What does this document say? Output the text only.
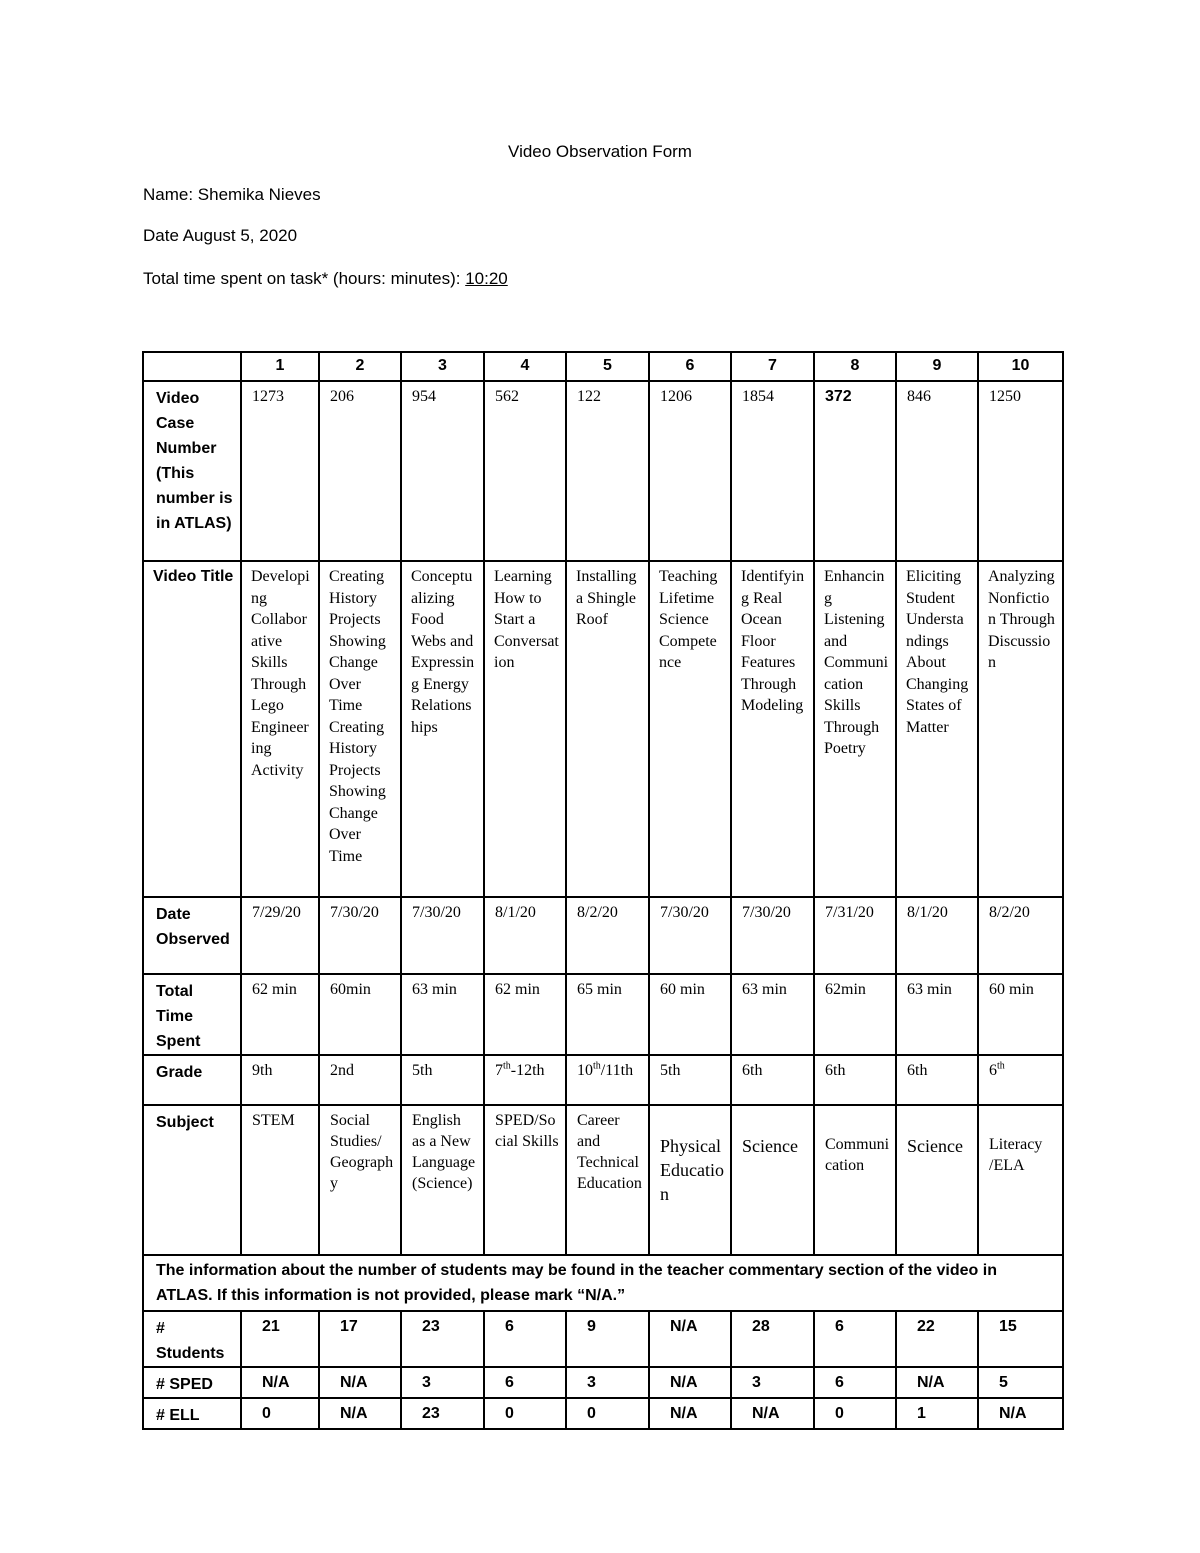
Video Observation Form
Name: Shemika Nieves
Date August 5, 2020
Total time spent on task* (hours: minutes): 10:20
	1	2	3	4	5	6	7	8	9	10
Video Case Number (This number is in ATLAS)	1273	206	954	562	122	1206	1854	372	846	1250
Video Title	Developing Collaborative Skills Through Lego Engineering Activity	Creating History Projects Showing Change Over Time Creating History Projects Showing Change Over Time	Conceptualizing Food Webs and Expressing Energy Relationships	Learning How to Start a Conversation	Installing a Shingle Roof	Teaching Lifetime Science Competence	Identifying Real Ocean Floor Features Through Modeling	Enhancing Listening and Communication Skills Through Poetry	Eliciting Student Understandings About Changing States of Matter	Analyzing Nonfiction Through Discussion
Date Observed	7/29/20	7/30/20	7/30/20	8/1/20	8/2/20	7/30/20	7/30/20	7/31/20	8/1/20	8/2/20
Total Time Spent	62 min	60min	63 min	62 min	65 min	60 min	63 min	62min	63 min	60 min
Grade	9th	2nd	5th	7th-12th	10th/11th	5th	6th	6th	6th	6th
Subject	STEM	Social Studies/ Geography	English as a New Language (Science)	SPED/Social Skills	Career and Technical Education	Physical Education	Science	Communication	Science	Literacy /ELA
The information about the number of students may be found in the teacher commentary section of the video in ATLAS. If this information is not provided, please mark “N/A.”										
# Students	21	17	23	6	9	N/A	28	6	22	15
# SPED	N/A	N/A	3	6	3	N/A	3	6	N/A	5
# ELL	0	N/A	23	0	0	N/A	N/A	0	1	N/A
